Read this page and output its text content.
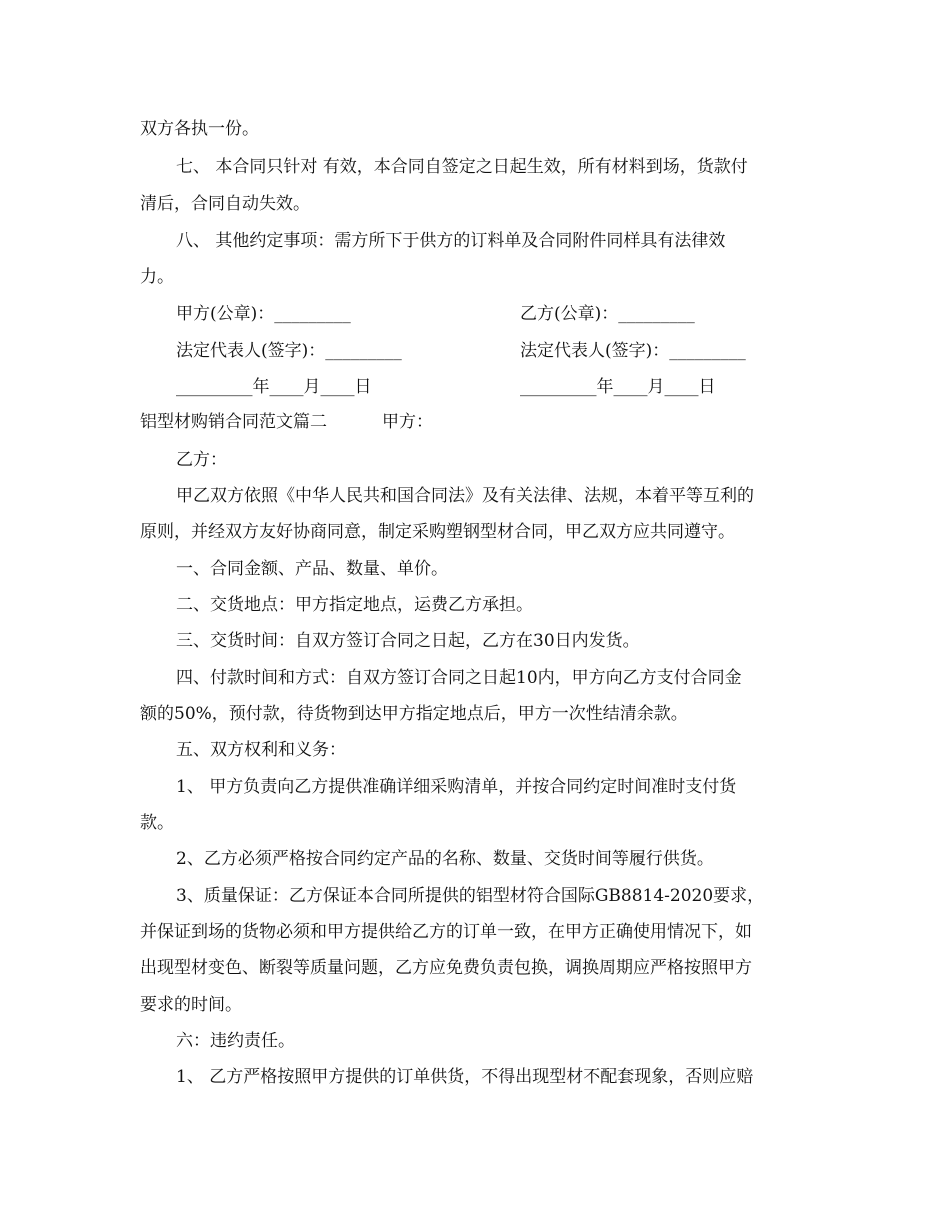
双方各执一份。
七、 本合同只针对 有效，本合同自签定之日起生效，所有材料到场，货款付
清后，合同自动失效。
八、 其他约定事项：需方所下于供方的订料单及合同附件同样具有法律效
力。
甲方(公章)：_________	乙方(公章)：_________
法定代表人(签字)：_________	法定代表人(签字)：_________
_________年____月____日	_________年____月____日
铝型材购销合同范文篇二	甲方：
乙方：
甲乙双方依照《中华人民共和国合同法》及有关法律、法规，本着平等互利的
原则，并经双方友好协商同意，制定采购塑钢型材合同，甲乙双方应共同遵守。
一、合同金额、产品、数量、单价。
二、交货地点：甲方指定地点，运费乙方承担。
三、交货时间：自双方签订合同之日起，乙方在30日内发货。
四、付款时间和方式：自双方签订合同之日起10内，甲方向乙方支付合同金
额的50%，预付款，待货物到达甲方指定地点后，甲方一次性结清余款。
五、双方权利和义务：
1、 甲方负责向乙方提供准确详细采购清单，并按合同约定时间准时支付货
款。
2、乙方必须严格按合同约定产品的名称、数量、交货时间等履行供货。
3、质量保证：乙方保证本合同所提供的铝型材符合国际GB8814-2020要求，
并保证到场的货物必须和甲方提供给乙方的订单一致，在甲方正确使用情况下，如
出现型材变色、断裂等质量问题，乙方应免费负责包换，调换周期应严格按照甲方
要求的时间。
六：违约责任。
1、 乙方严格按照甲方提供的订单供货，不得出现型材不配套现象，否则应赔
